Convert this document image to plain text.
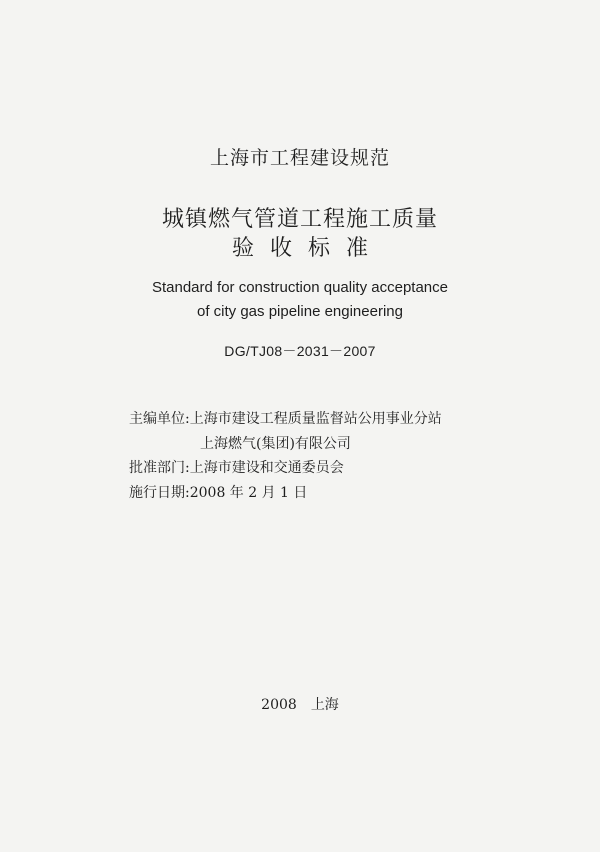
上海市工程建设规范
城镇燃气管道工程施工质量
验收标准
Standard for construction quality acceptance
of city gas pipeline engineering
DG/TJ08－2031－2007
主编单位:上海市建设工程质量监督站公用事业分站
上海燃气(集团)有限公司
批准部门:上海市建设和交通委员会
施行日期:2008 年 2 月 1 日
2008 上海
